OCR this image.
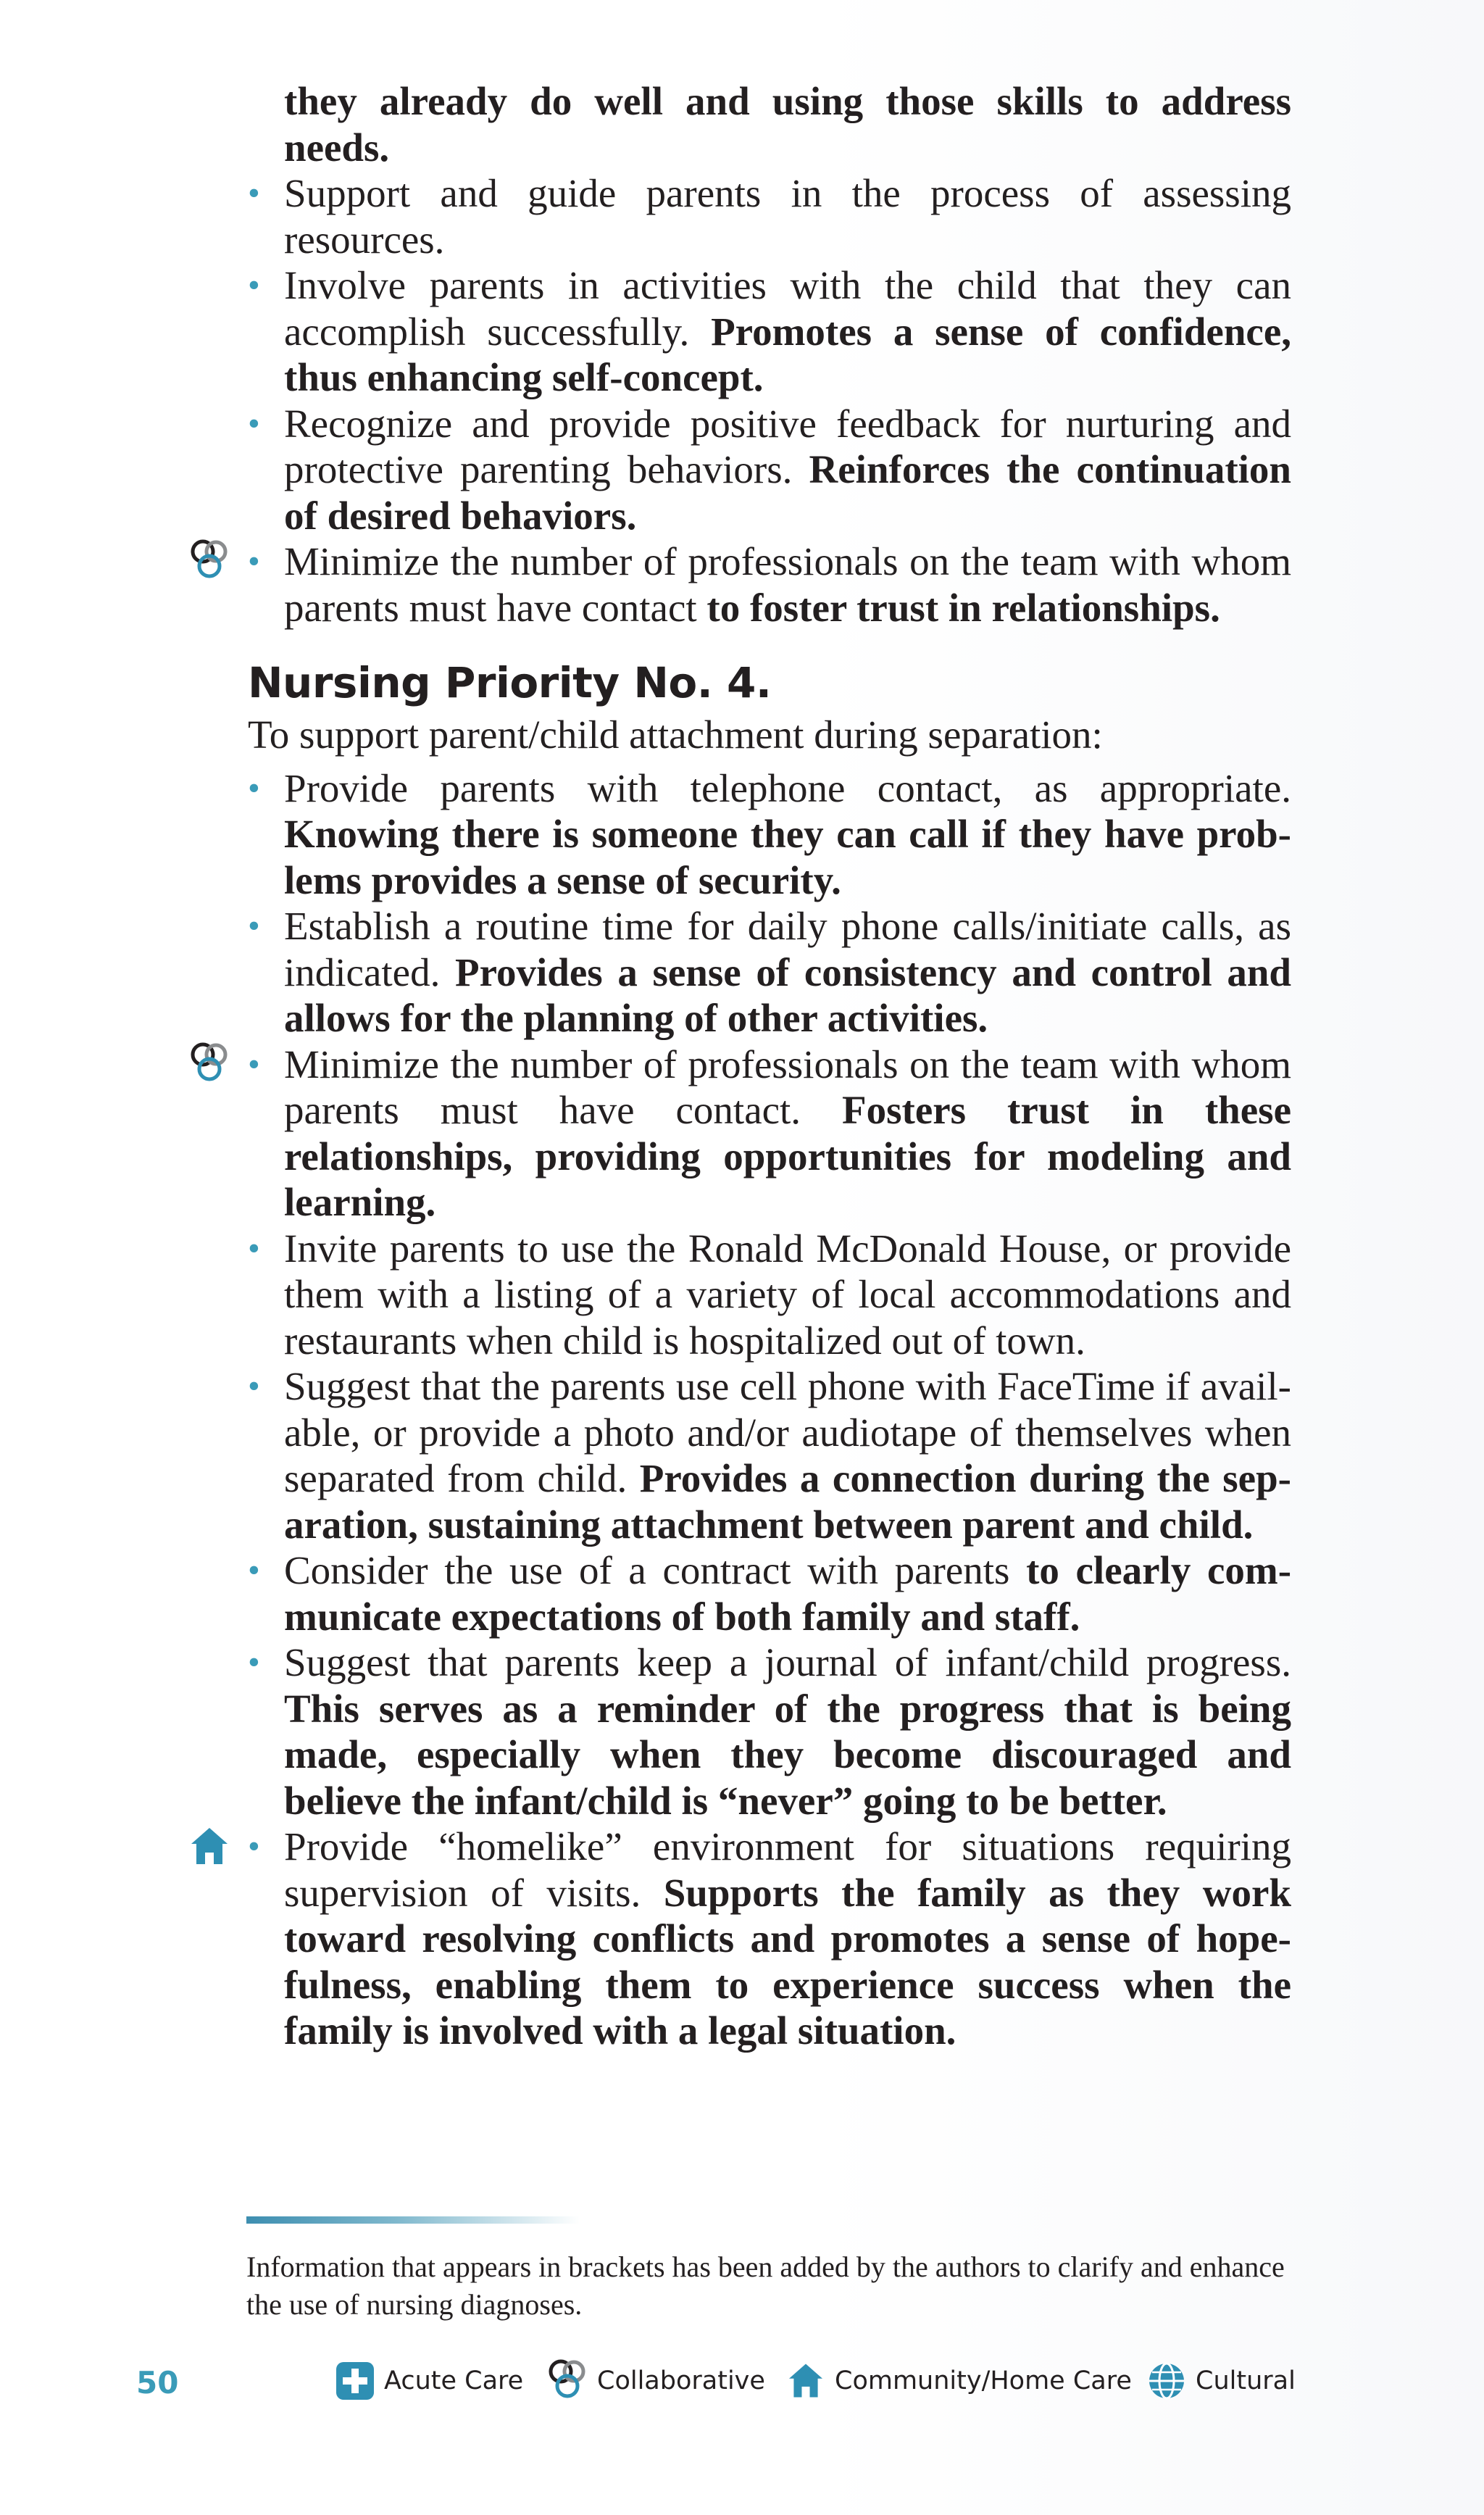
they already do well and using those skills to address needs.

• Support and guide parents in the process of assessing resources.
• Involve parents in activities with the child that they can accomplish successfully. Promotes a sense of confidence, thus enhancing self-concept.
• Recognize and provide positive feedback for nurturing and protective parenting behaviors. Reinforces the continuation of desired behaviors.
• Minimize the number of professionals on the team with whom parents must have contact to foster trust in relationships.
Nursing Priority No. 4.

To support parent/child attachment during separation:

• Provide parents with telephone contact, as appropriate. Knowing there is someone they can call if they have problems provides a sense of security.
• Establish a routine time for daily phone calls/initiate calls, as indicated. Provides a sense of consistency and control and allows for the planning of other activities.
• Minimize the number of professionals on the team with whom parents must have contact. Fosters trust in these relationships, providing opportunities for modeling and learning.
• Invite parents to use the Ronald McDonald House, or provide them with a listing of a variety of local accommodations and restaurants when child is hospitalized out of town.
• Suggest that the parents use cell phone with FaceTime if available, or provide a photo and/or audiotape of themselves when separated from child. Provides a connection during the separation, sustaining attachment between parent and child.
• Consider the use of a contract with parents to clearly communicate expectations of both family and staff.
• Suggest that parents keep a journal of infant/child progress. This serves as a reminder of the progress that is being made, especially when they become discouraged and believe the infant/child is “never” going to be better.
• Provide “homelike” environment for situations requiring supervision of visits. Supports the family as they work toward resolving conflicts and promotes a sense of hopefulness, enabling them to experience success when the family is involved with a legal situation.
Information that appears in brackets has been added by the authors to clarify and enhance the use of nursing diagnoses.
50	Acute Care	Collaborative	Community/Home Care	Cultural
